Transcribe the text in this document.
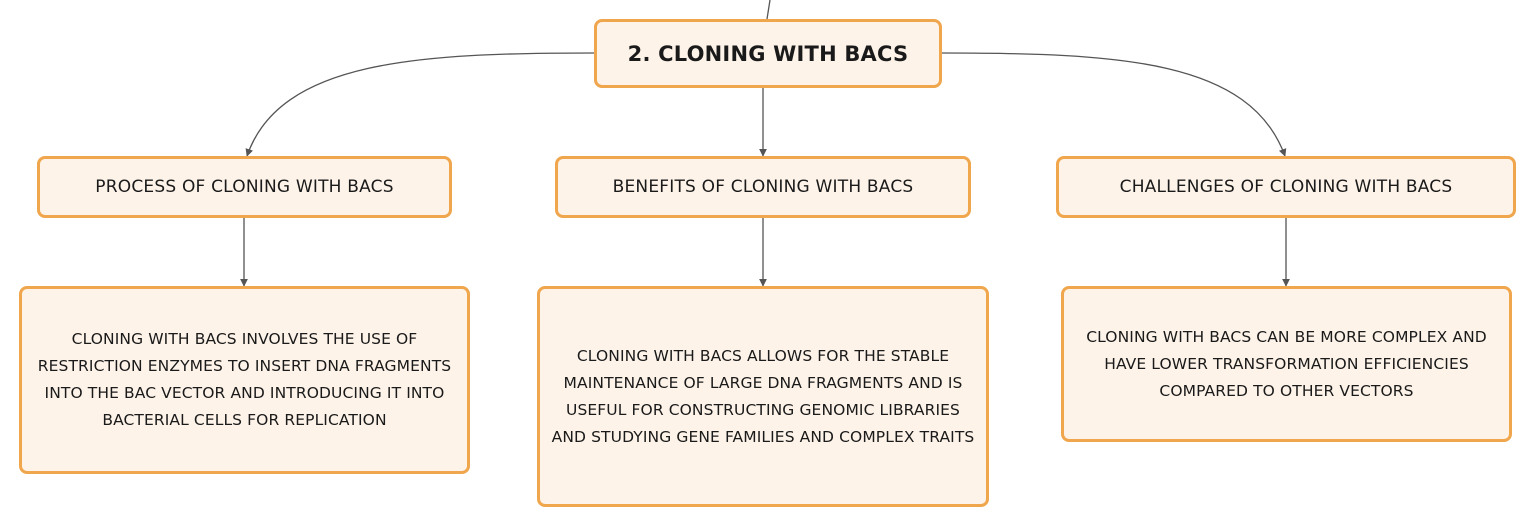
2. CLONING WITH BACS
PROCESS OF CLONING WITH BACS	BENEFITS OF CLONING WITH BACS	CHALLENGES OF CLONING WITH BACS
CLONING WITH BACS INVOLVES THE USE OF RESTRICTION ENZYMES TO INSERT DNA FRAGMENTS INTO THE BAC VECTOR AND INTRODUCING IT INTO BACTERIAL CELLS FOR REPLICATION
CLONING WITH BACS ALLOWS FOR THE STABLE MAINTENANCE OF LARGE DNA FRAGMENTS AND IS USEFUL FOR CONSTRUCTING GENOMIC LIBRARIES AND STUDYING GENE FAMILIES AND COMPLEX TRAITS
CLONING WITH BACS CAN BE MORE COMPLEX AND HAVE LOWER TRANSFORMATION EFFICIENCIES COMPARED TO OTHER VECTORS
